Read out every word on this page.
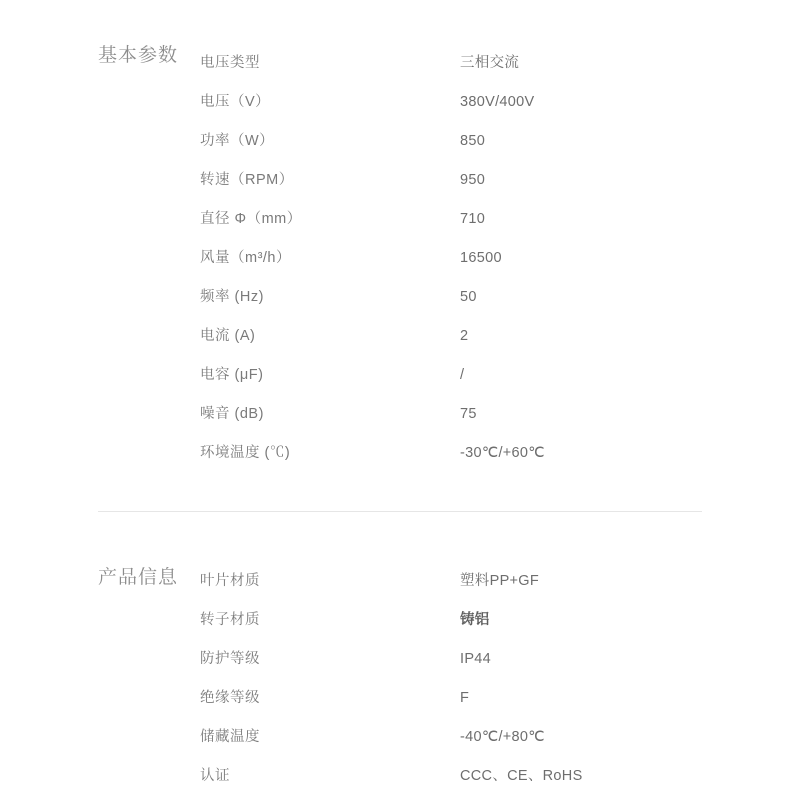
基本参数	电压类型	三相交流
电压（V）	380V/400V
功率（W）	850
转速（RPM）	950
直径 Φ（mm）	710
风量（m³/h）	16500
频率 (Hz)	50
电流 (A)	2
电容 (μF)	/
噪音 (dB)	75
环境温度 (℃)	-30℃/+60℃
产品信息	叶片材质	塑料PP+GF
转子材质	铸铝
防护等级	IP44
绝缘等级	F
储藏温度	-40℃/+80℃
认证	CCC、CE、RoHS
